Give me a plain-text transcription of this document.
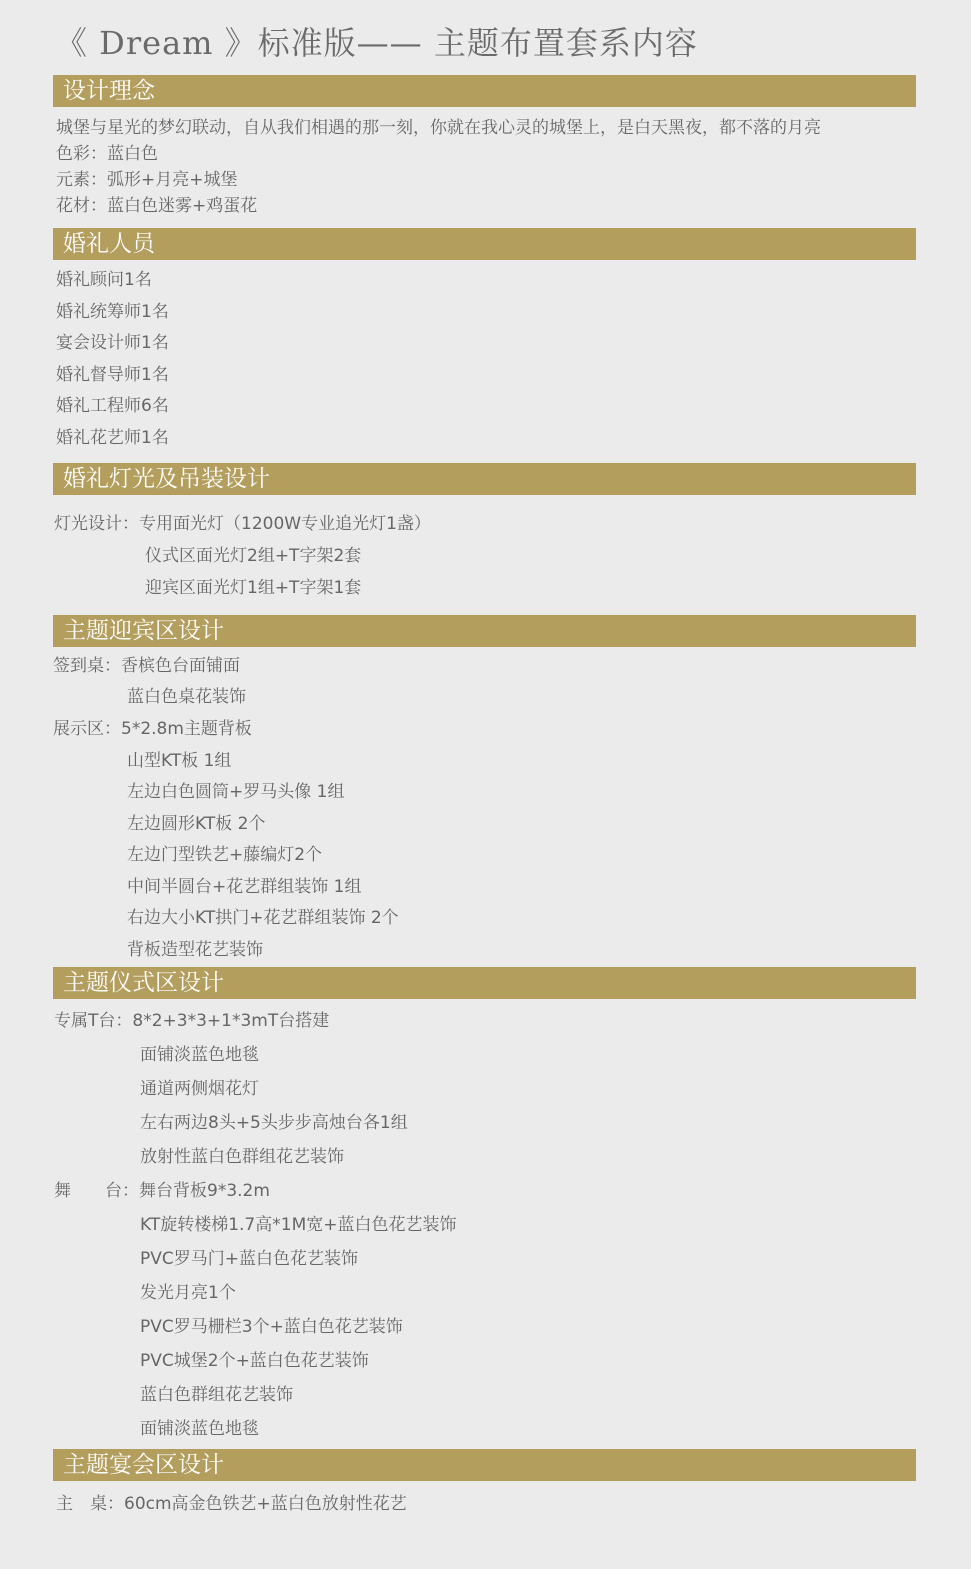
《 Dream 》标准版—— 主题布置套系内容
设计理念
城堡与星光的梦幻联动，自从我们相遇的那一刻，你就在我心灵的城堡上，是白天黑夜，都不落的月亮
色彩：蓝白色
元素：弧形+月亮+城堡
花材：蓝白色迷雾+鸡蛋花
婚礼人员
婚礼顾问1名
婚礼统筹师1名
宴会设计师1名
婚礼督导师1名
婚礼工程师6名
婚礼花艺师1名
婚礼灯光及吊装设计
灯光设计：专用面光灯（1200W专业追光灯1盏）
仪式区面光灯2组+T字架2套
迎宾区面光灯1组+T字架1套
主题迎宾区设计
签到桌：香槟色台面铺面
蓝白色桌花装饰
展示区：5*2.8m主题背板
山型KT板 1组
左边白色圆筒+罗马头像 1组
左边圆形KT板 2个
左边门型铁艺+藤编灯2个
中间半圆台+花艺群组装饰 1组
右边大小KT拱门+花艺群组装饰 2个
背板造型花艺装饰
主题仪式区设计
专属T台：8*2+3*3+1*3mT台搭建
面铺淡蓝色地毯
通道两侧烟花灯
左右两边8头+5头步步高烛台各1组
放射性蓝白色群组花艺装饰
舞　　台：舞台背板9*3.2m
KT旋转楼梯1.7高*1M宽+蓝白色花艺装饰
PVC罗马门+蓝白色花艺装饰
发光月亮1个
PVC罗马栅栏3个+蓝白色花艺装饰
PVC城堡2个+蓝白色花艺装饰
蓝白色群组花艺装饰
面铺淡蓝色地毯
主题宴会区设计
主　桌：60cm高金色铁艺+蓝白色放射性花艺
